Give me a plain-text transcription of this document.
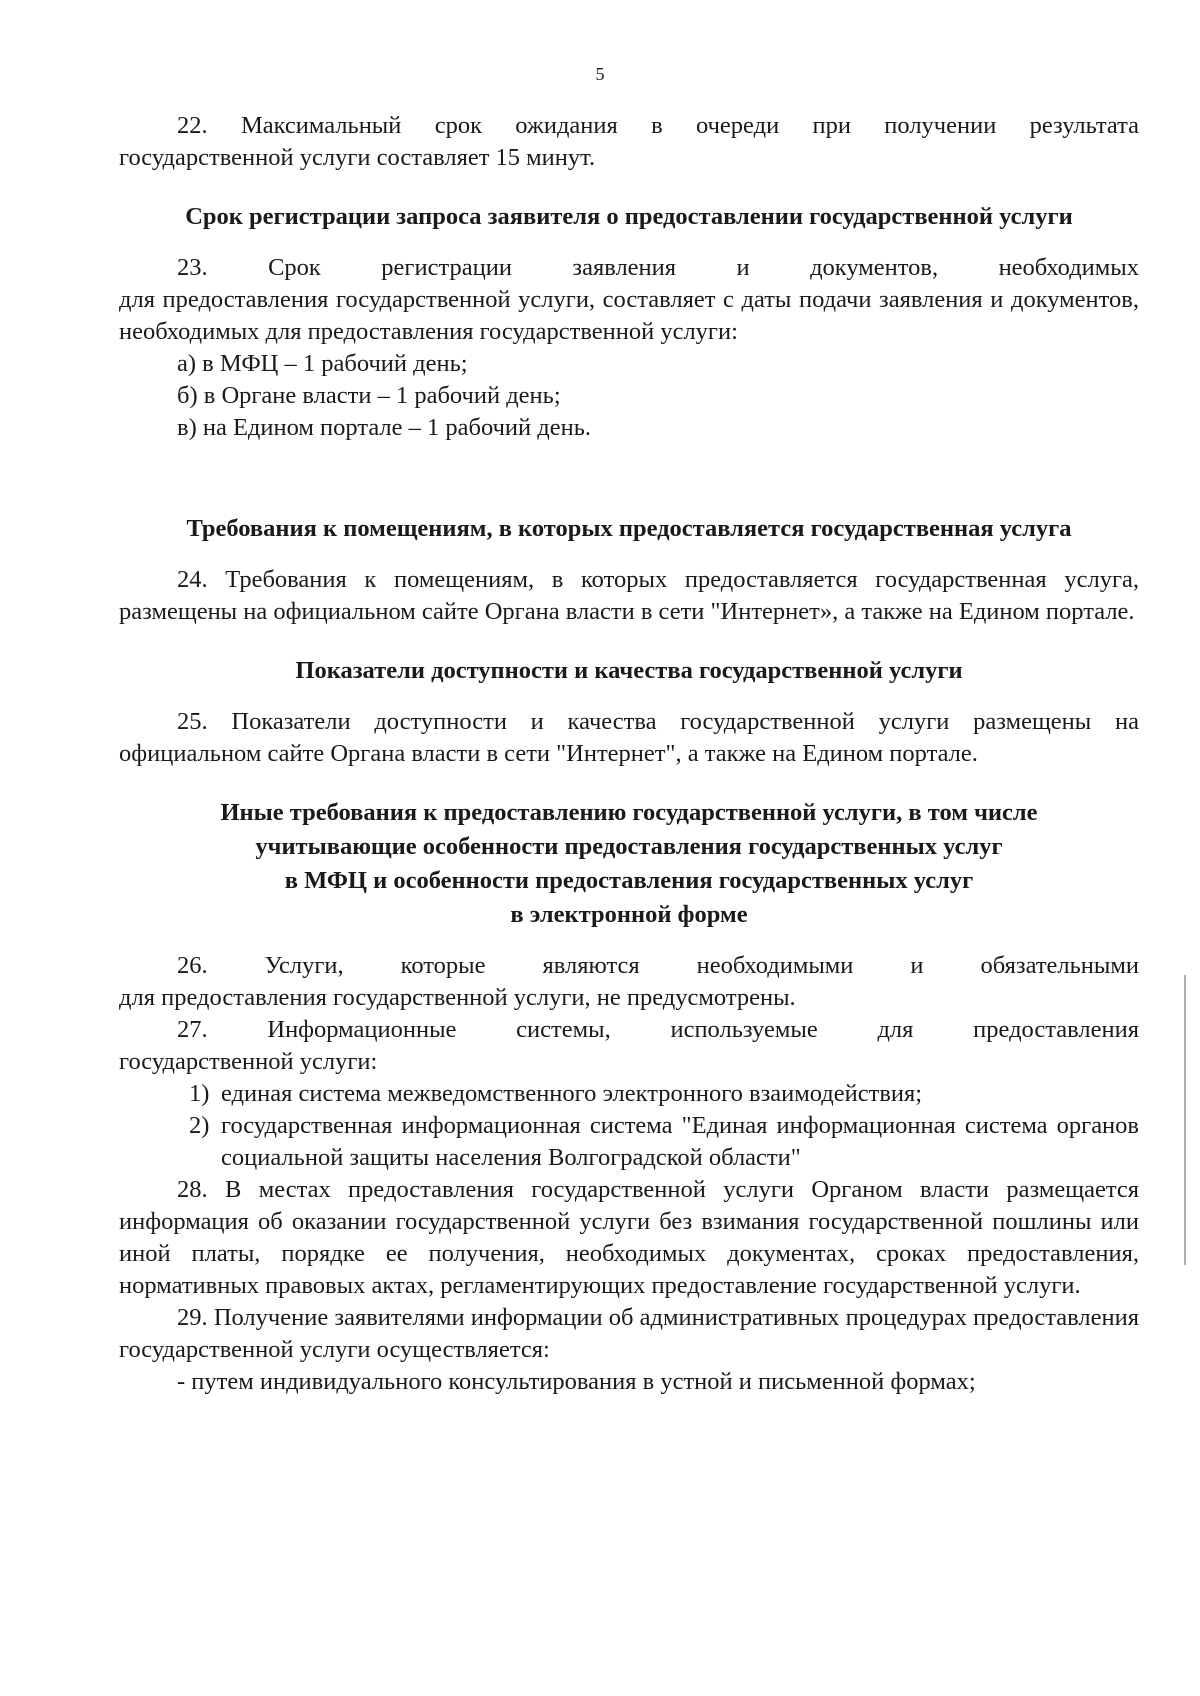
5

22. Максимальный срок ожидания в очереди при получении результата

государственной услуги составляет 15 минут.

Срок регистрации запроса заявителя о предоставлении государственной услуги

23. Срок регистрации заявления и документов, необходимых

для предоставления государственной услуги, составляет с даты подачи заявления и документов, необходимых для предоставления государственной услуги:

а) в МФЦ – 1 рабочий день;

б) в Органе власти – 1 рабочий день;

в) на Едином портале – 1 рабочий день.

Требования к помещениям, в которых предоставляется государственная услуга

24. Требования к помещениям, в которых предоставляется государственная услуга, размещены на официальном сайте Органа власти в сети "Интернет», а также на Едином портале.

Показатели доступности и качества государственной услуги

25. Показатели доступности и качества государственной услуги размещены на официальном сайте Органа власти в сети "Интернет", а также на Едином портале.

Иные требования к предоставлению государственной услуги, в том числе

учитывающие особенности предоставления государственных услуг

в МФЦ и особенности предоставления государственных услуг

в электронной форме

26. Услуги, которые являются необходимыми и обязательными

для предоставления государственной услуги, не предусмотрены.

27. Информационные системы, используемые для предоставления

государственной услуги:

1) единая система межведомственного электронного взаимодействия;
2) государственная информационная система "Единая информационная система органов социальной защиты населения Волгоградской области"

28. В местах предоставления государственной услуги Органом власти размещается информация об оказании государственной услуги без взимания государственной пошлины или иной платы, порядке ее получения, необходимых документах, сроках предоставления, нормативных правовых актах, регламентирующих предоставление государственной услуги.

29. Получение заявителями информации об административных процедурах предоставления государственной услуги осуществляется:

- путем индивидуального консультирования в устной и письменной формах;
